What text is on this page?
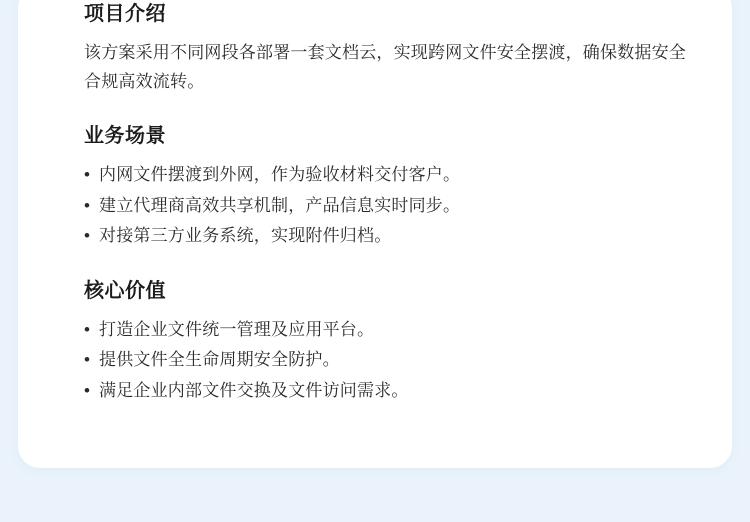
项目介绍

该方案采用不同网段各部署一套文档云，实现跨网文件安全摆渡，确保数据安全合规高效流转。

业务场景
• 内网文件摆渡到外网，作为验收材料交付客户。
• 建立代理商高效共享机制，产品信息实时同步。
• 对接第三方业务系统，实现附件归档。
核心价值
• 打造企业文件统一管理及应用平台。
• 提供文件全生命周期安全防护。
• 满足企业内部文件交换及文件访问需求。
